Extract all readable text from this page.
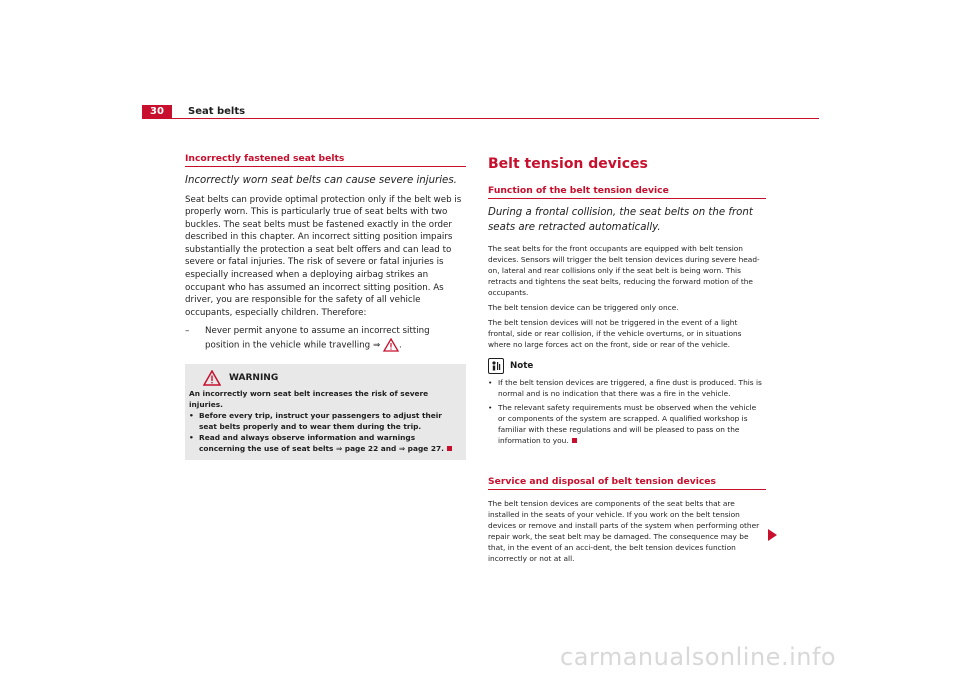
30	Seat belts
Incorrectly fastened seat belts
Incorrectly worn seat belts can cause severe injuries.

Seat belts can provide optimal protection only if the belt web is properly worn. This is particularly true of seat belts with two buckles. The seat belts must be fastened exactly in the order described in this chapter. An incorrect sitting position impairs substantially the protection a seat belt offers and can lead to severe or fatal injuries. The risk of severe or fatal injuries is especially increased when a deploying airbag strikes an occupant who has assumed an incorrect sitting position. As driver, you are responsible for the safety of all vehicle occupants, especially children. Therefore:

–	Never permit anyone to assume an incorrect sitting position in the vehicle while travelling ⇒ .
WARNING
An incorrectly worn seat belt increases the risk of severe injuries.
• Before every trip, instruct your passengers to adjust their seat belts properly and to wear them during the trip.
• Read and always observe information and warnings concerning the use of seat belts ⇒ page 22 and ⇒ page 27.
Belt tension devices
Function of the belt tension device
During a frontal collision, the seat belts on the front seats are retracted automatically.

The seat belts for the front occupants are equipped with belt tension devices. Sensors will trigger the belt tension devices during severe head-on, lateral and rear collisions only if the seat belt is being worn. This retracts and tightens the seat belts, reducing the forward motion of the occupants.

The belt tension device can be triggered only once.

The belt tension devices will not be triggered in the event of a light frontal, side or rear collision, if the vehicle overturns, or in situations where no large forces act on the front, side or rear of the vehicle.

Note
• If the belt tension devices are triggered, a fine dust is produced. This is normal and is no indication that there was a fire in the vehicle.
• The relevant safety requirements must be observed when the vehicle or components of the system are scrapped. A qualified workshop is familiar with these regulations and will be pleased to pass on the information to you.
Service and disposal of belt tension devices

The belt tension devices are components of the seat belts that are installed in the seats of your vehicle. If you work on the belt tension devices or remove and install parts of the system when performing other repair work, the seat belt may be damaged. The consequence may be that, in the event of an acci-dent, the belt tension devices function incorrectly or not at all.

carmanualsonline.info
